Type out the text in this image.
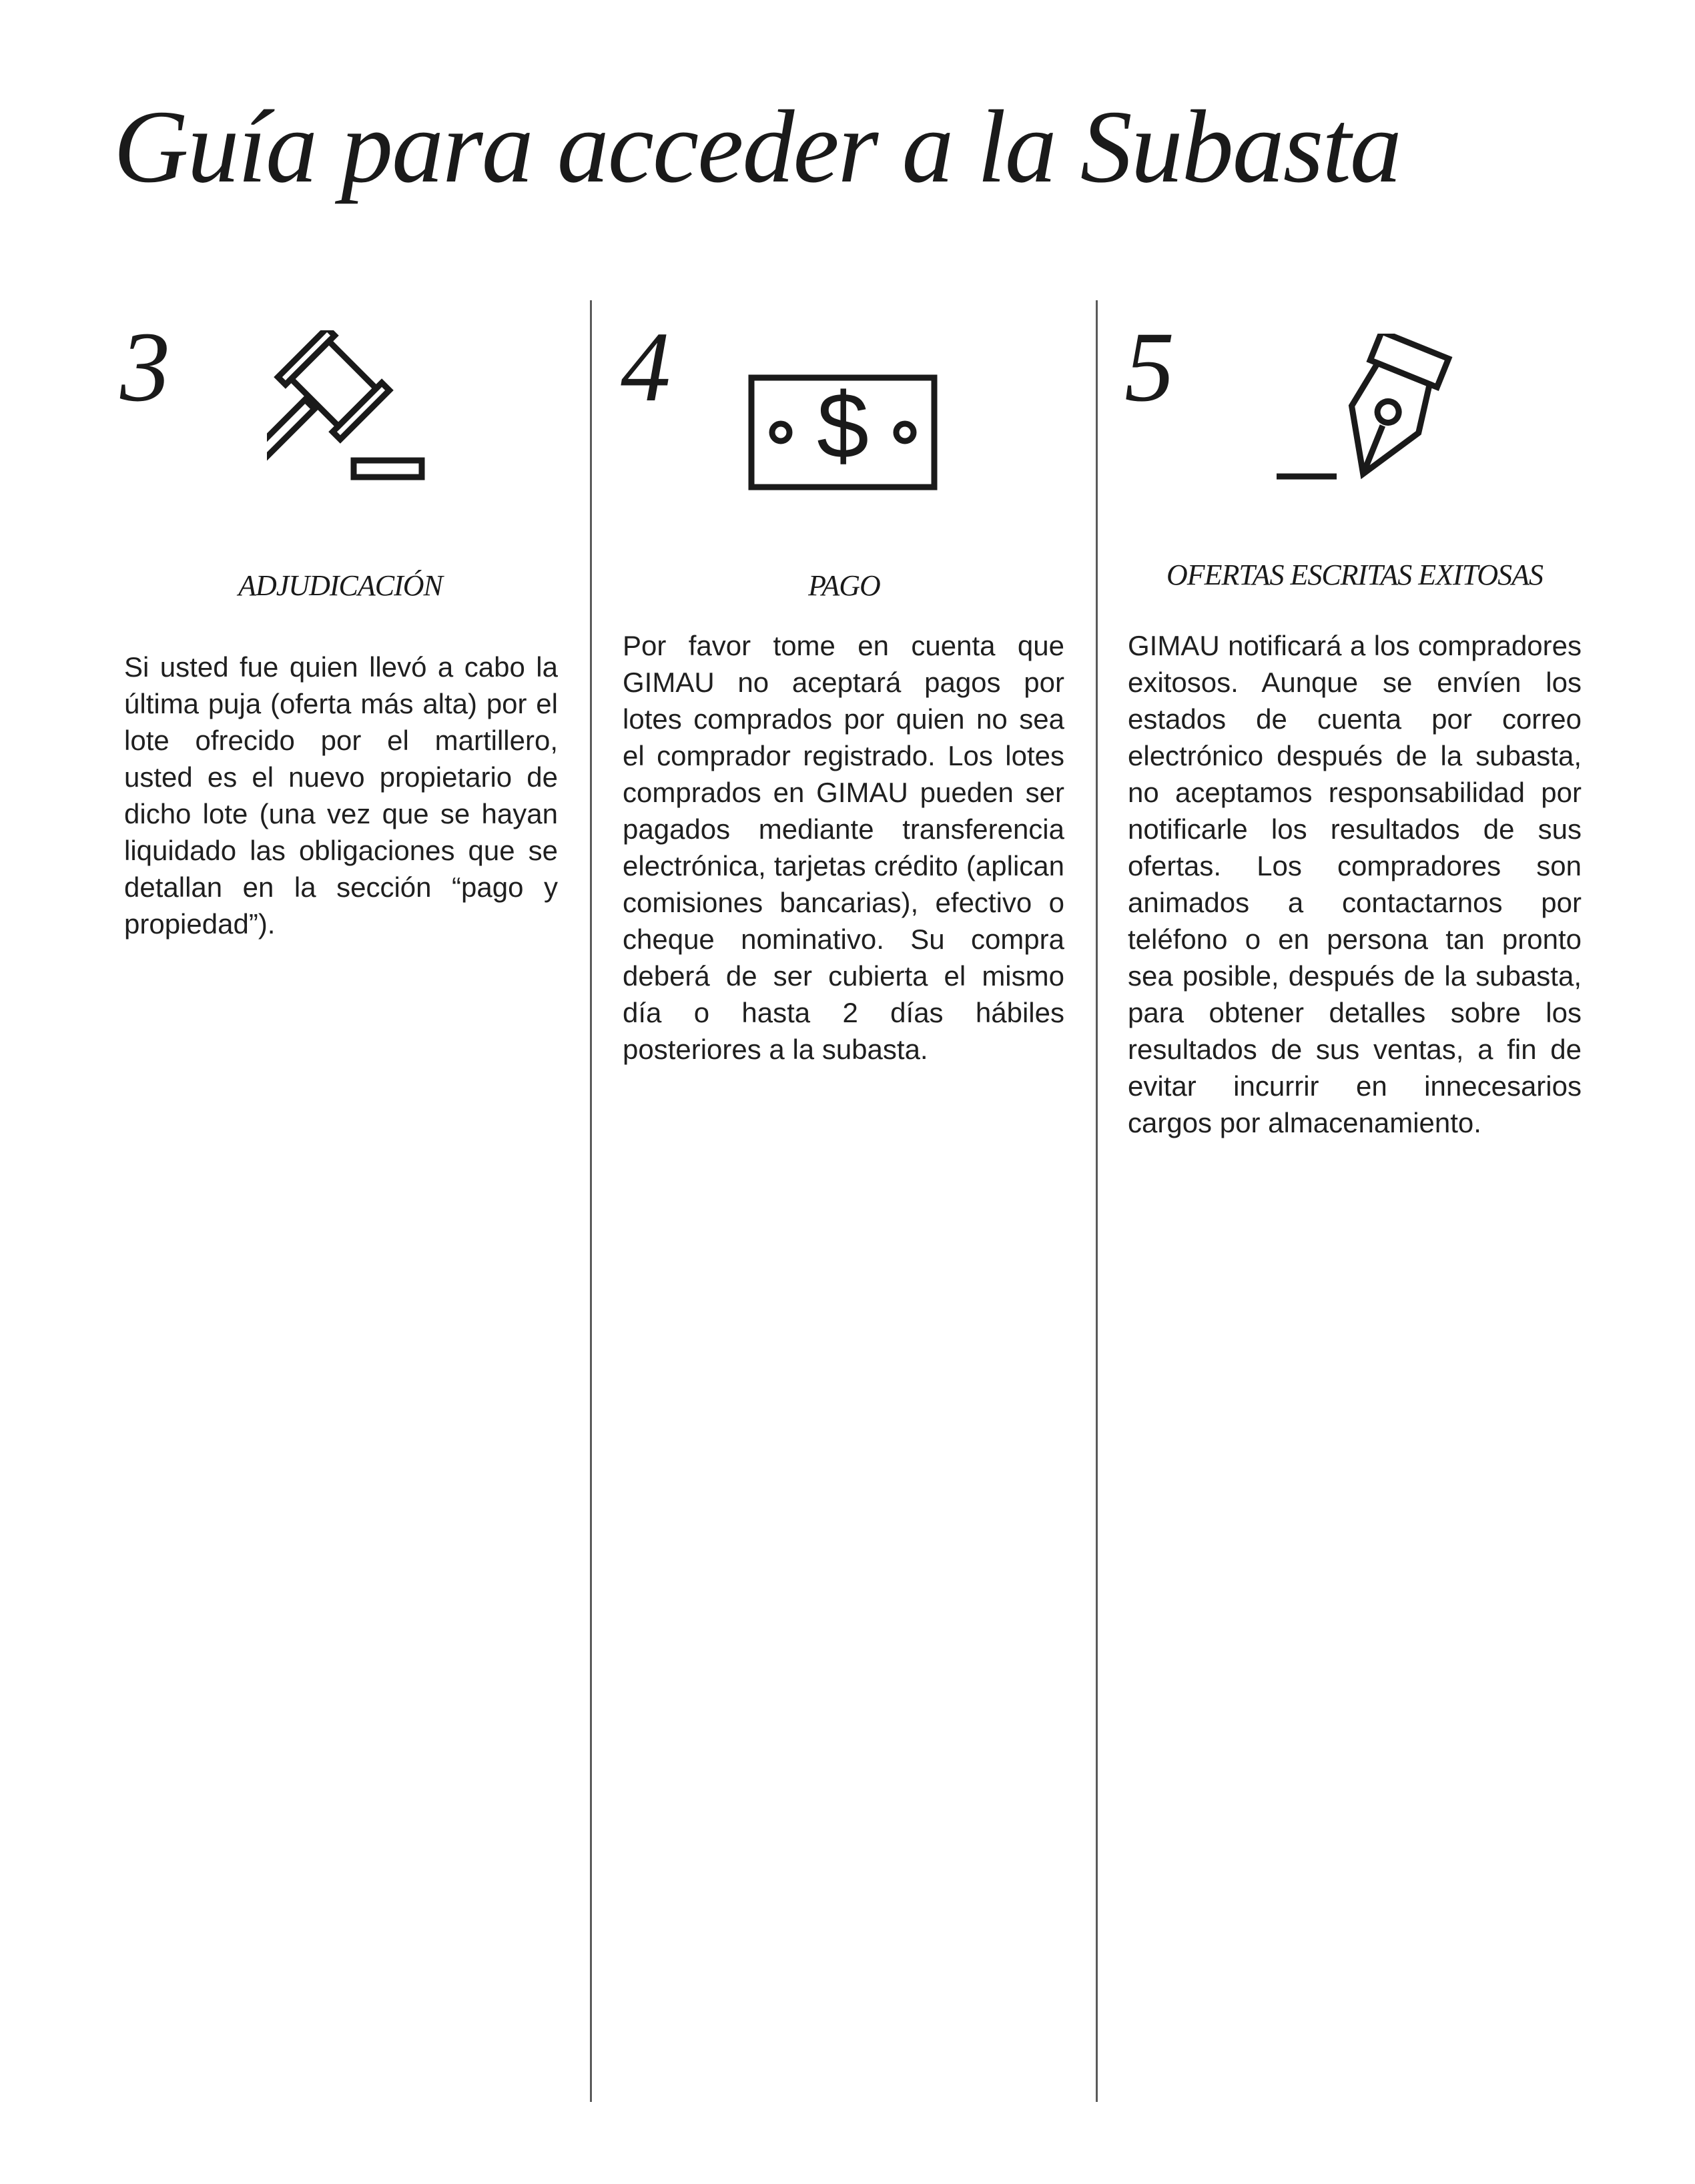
Guía para acceder a la Subasta
3
ADJUDICACIÓN

Si usted fue quien llevó a cabo la última puja (oferta más alta) por el lote ofrecido por el martillero, usted es el nuevo propietario de dicho lote (una vez que se hayan liquidado las obligaciones que se detallan en la sección “pago y propiedad”).

4
$
PAGO

Por favor tome en cuenta que GIMAU no aceptará pagos por lotes comprados por quien no sea el comprador registrado. Los lotes comprados en GIMAU pueden ser pagados mediante transferencia electrónica, tarjetas crédito (aplican comisiones bancarias), efectivo o cheque nominativo. Su compra deberá de ser cubierta el mismo día o hasta 2 días hábiles posteriores a la subasta.

5
OFERTAS ESCRITAS EXITOSAS

GIMAU notificará a los compradores exitosos. Aunque se envíen los estados de cuenta por correo electrónico después de la subasta, no aceptamos responsabilidad por notificarle los resultados de sus ofertas. Los compradores son animados a contactarnos por teléfono o en persona tan pronto sea posible, después de la subasta, para obtener detalles sobre los resultados de sus ventas, a fin de evitar incurrir en innecesarios cargos por almacenamiento.
